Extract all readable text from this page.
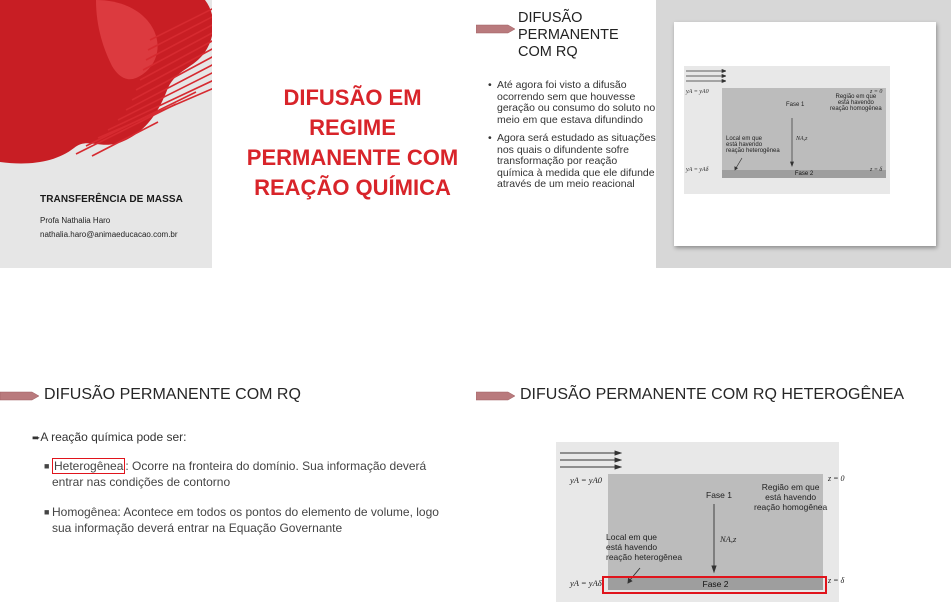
TRANSFERÊNCIA DE MASSA
Profa Nathalia Haro
nathalia.haro@animaeducacao.com.br
DIFUSÃO EM
REGIME
PERMANENTE COM
REAÇÃO QUÍMICA
DIFUSÃO
PERMANENTE
COM RQ
• Até agora foi visto a difusão ocorrendo sem que houvesse geração ou consumo do soluto no meio em que estava difundindo
• Agora será estudado as situações nos quais o difundente sofre transformação por reação química à medida que ele difunde através de um meio reacional
Fase 2
yA = yA0
yA = yAδ
z = 0
z = δ
Fase 1
Região em que
está havendo
reação homogênea
Local em que
está havendo
reação heterogênea
NA,z
DIFUSÃO PERMANENTE COM RQ
➨A reação química pode ser:
■ Heterogênea : Ocorre na fronteira do domínio. Sua informação deverá entrar nas condições de contorno
■ Homogênea: Acontece em todos os pontos do elemento de volume, logo sua informação deverá entrar na Equação Governante
DIFUSÃO PERMANENTE COM RQ HETEROGÊNEA
Fase 2
yA = yA0
yA = yAδ
z = 0
z = δ
Fase 1
Região em que
está havendo
reação homogênea
Local em que
está havendo
reação heterogênea
NA,z
